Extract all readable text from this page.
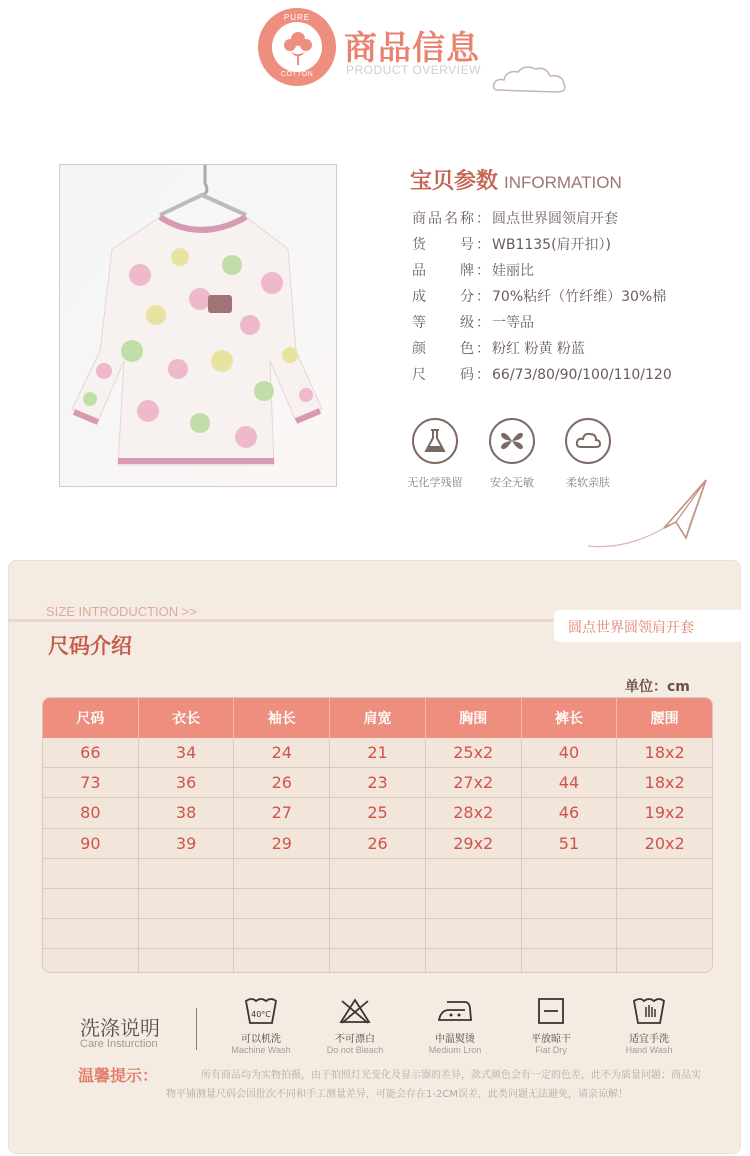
PURE
COTTON
商品信息
PRODUCT OVERVIEW
宝贝参数 INFORMATION
商品名称 ： 圆点世界圆领肩开套
货号 ： WB1135(肩开扣）)
品牌 ： 娃丽比
成分 ： 70%粘纤（竹纤维）30%棉
等级 ： 一等品
颜色 ： 粉红 粉黄 粉蓝
尺码 ： 66/73/80/90/100/110/120
无化学残留	安全无敏	柔软亲肤
SIZE INTRODUCTION >>
尺码介绍
圆点世界圆领肩开套
单位：cm
尺码	衣长	袖长	肩宽	胸围	裤长	腰围
66	34	24	21	25x2	40	18x2
73	36	26	23	27x2	44	18x2
80	38	27	25	28x2	46	19x2
90	39	29	26	29x2	51	20x2
洗涤说明
Care Insturction
40°C
可以机洗
Machine Wash
不可漂白
Do not Bleach
中温熨烫
Medium Lron
平放晾干
Flat Dry
适宜手洗
Hand Wash
温馨提示：	所有商品均为实物拍摄，由于拍照灯光变化及显示器的差异，款式颜色会有一定的色差，此不为质量问题；商品实物平铺测量尺码会因批次不同和手工测量差异，可能会存在1-2CM误差，此类问题无法避免，请亲谅解！
